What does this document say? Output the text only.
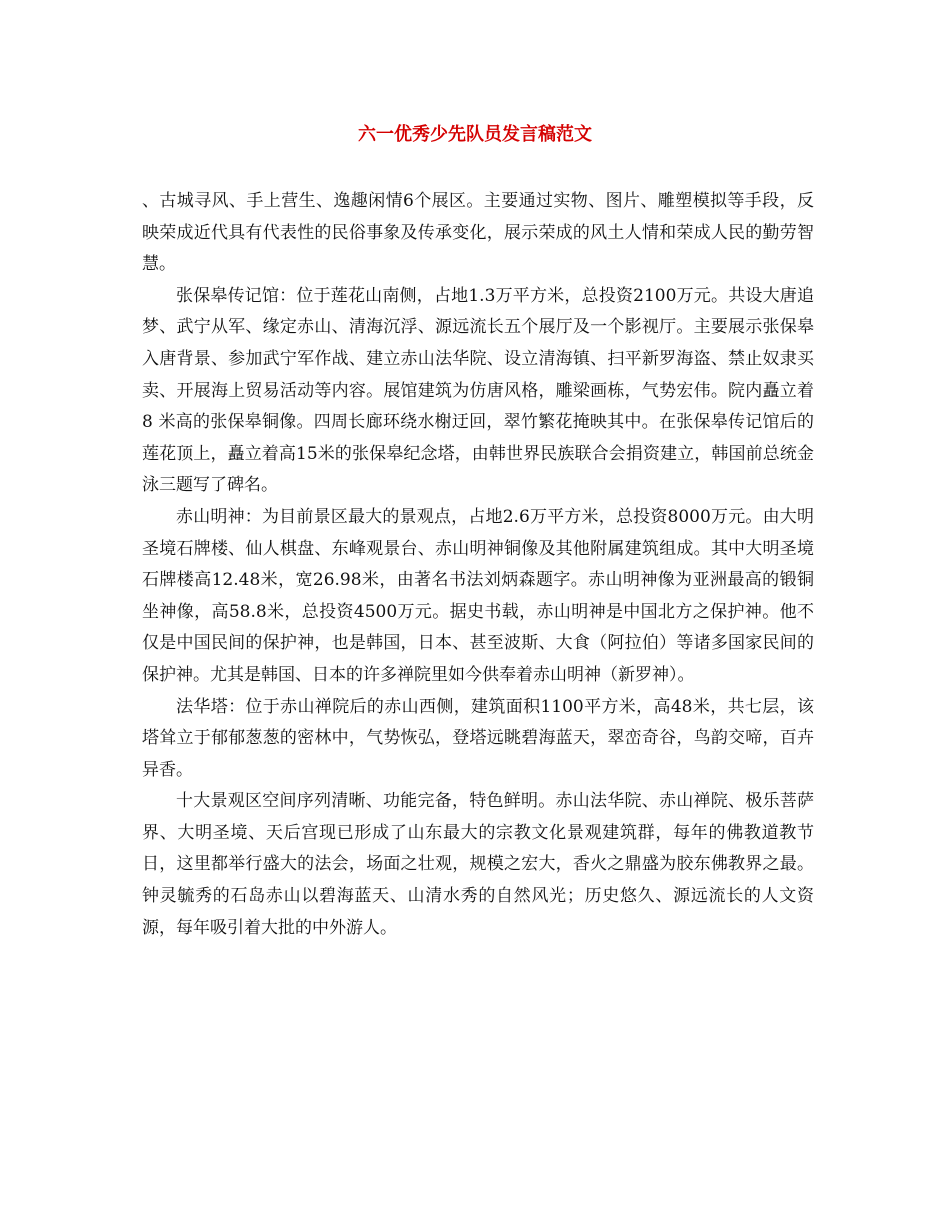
六一优秀少先队员发言稿范文

、古城寻风、手上营生、逸趣闲情6个展区。主要通过实物、图片、雕塑模拟等手段，反映荣成近代具有代表性的民俗事象及传承变化，展示荣成的风土人情和荣成人民的勤劳智慧。

张保皋传记馆：位于莲花山南侧，占地1.3万平方米，总投资2100万元。共设大唐追梦、武宁从军、缘定赤山、清海沉浮、源远流长五个展厅及一个影视厅。主要展示张保皋入唐背景、参加武宁军作战、建立赤山法华院、设立清海镇、扫平新罗海盗、禁止奴隶买卖、开展海上贸易活动等内容。展馆建筑为仿唐风格，雕梁画栋，气势宏伟。院内矗立着8 米高的张保皋铜像。四周长廊环绕水榭迂回，翠竹繁花掩映其中。在张保皋传记馆后的莲花顶上，矗立着高15米的张保皋纪念塔，由韩世界民族联合会捐资建立，韩国前总统金泳三题写了碑名。

赤山明神：为目前景区最大的景观点，占地2.6万平方米，总投资8000万元。由大明圣境石牌楼、仙人棋盘、东峰观景台、赤山明神铜像及其他附属建筑组成。其中大明圣境石牌楼高12.48米，宽26.98米，由著名书法刘炳森题字。赤山明神像为亚洲最高的锻铜坐神像，高58.8米，总投资4500万元。据史书载，赤山明神是中国北方之保护神。他不仅是中国民间的保护神，也是韩国，日本、甚至波斯、大食（阿拉伯）等诸多国家民间的保护神。尤其是韩国、日本的许多禅院里如今供奉着赤山明神（新罗神）。

法华塔：位于赤山禅院后的赤山西侧，建筑面积1100平方米，高48米，共七层，该塔耸立于郁郁葱葱的密林中，气势恢弘，登塔远眺碧海蓝天，翠峦奇谷，鸟韵交啼，百卉异香。

十大景观区空间序列清晰、功能完备，特色鲜明。赤山法华院、赤山禅院、极乐菩萨界、大明圣境、天后宫现已形成了山东最大的宗教文化景观建筑群，每年的佛教道教节日，这里都举行盛大的法会，场面之壮观，规模之宏大，香火之鼎盛为胶东佛教界之最。钟灵毓秀的石岛赤山以碧海蓝天、山清水秀的自然风光；历史悠久、源远流长的人文资源，每年吸引着大批的中外游人。
